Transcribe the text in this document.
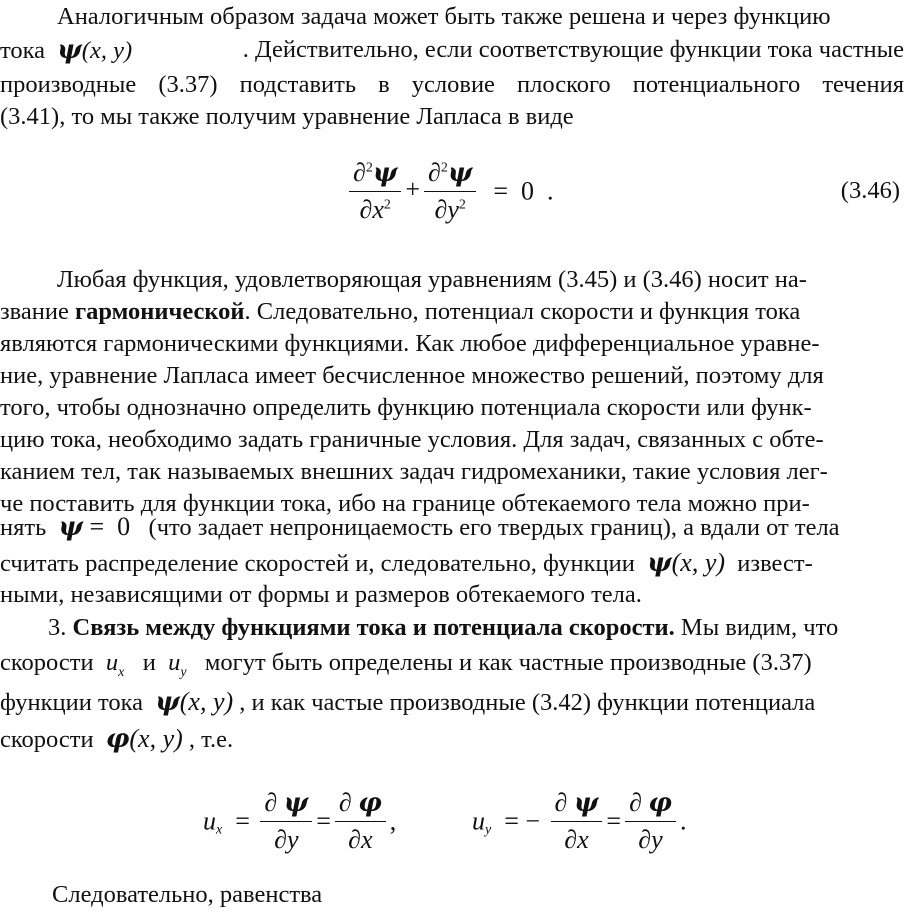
Аналогичным образом задача может быть также решена и через функцию
тока ψ(x, y)	. Действительно, если соответствующие функции тока частные
производные (3.37) подставить в условие плоского потенциального течения
(3.41), то мы также получим уравнение Лапласа в виде
$\frac{\partial^2\psi}{\partial x^2} + \frac{\partial^2\psi}{\partial y^2} = 0$  .	(3.46)
Любая функция, удовлетворяющая уравнениям (3.45) и (3.46) носит на-
звание гармонической. Следовательно, потенциал скорости и функция тока
являются гармоническими функциями. Как любое дифференциальное уравне-
ние, уравнение Лапласа имеет бесчисленное множество решений, поэтому для
того, чтобы однозначно определить функцию потенциала скорости или функ-
цию тока, необходимо задать граничные условия. Для задач, связанных с обте-
канием тел, так называемых внешних задач гидромеханики, такие условия лег-
че поставить для функции тока, ибо на границе обтекаемого тела можно при-
нять ψ =  0 (что задает непроницаемость его твердых границ), а вдали от тела
считать распределение скоростей и, следовательно, функции ψ(x, y) извест-
ными, независящими от формы и размеров обтекаемого тела.
3. Связь между функциями тока и потенциала скорости. Мы видим, что
скорости $u_x$ и $u_y$ могут быть определены и как частные производные (3.37)
функции тока ψ(x, y) , и как частые производные (3.42) функции потенциала
скорости φ(x, y) , т.е.
$u_x = \frac{\partial \psi}{\partial y} = \frac{\partial \varphi}{\partial x}$ ,	$u_y$  = − $\frac{\partial \psi}{\partial x} = \frac{\partial \varphi}{\partial y}$ .
Следовательно, равенства
